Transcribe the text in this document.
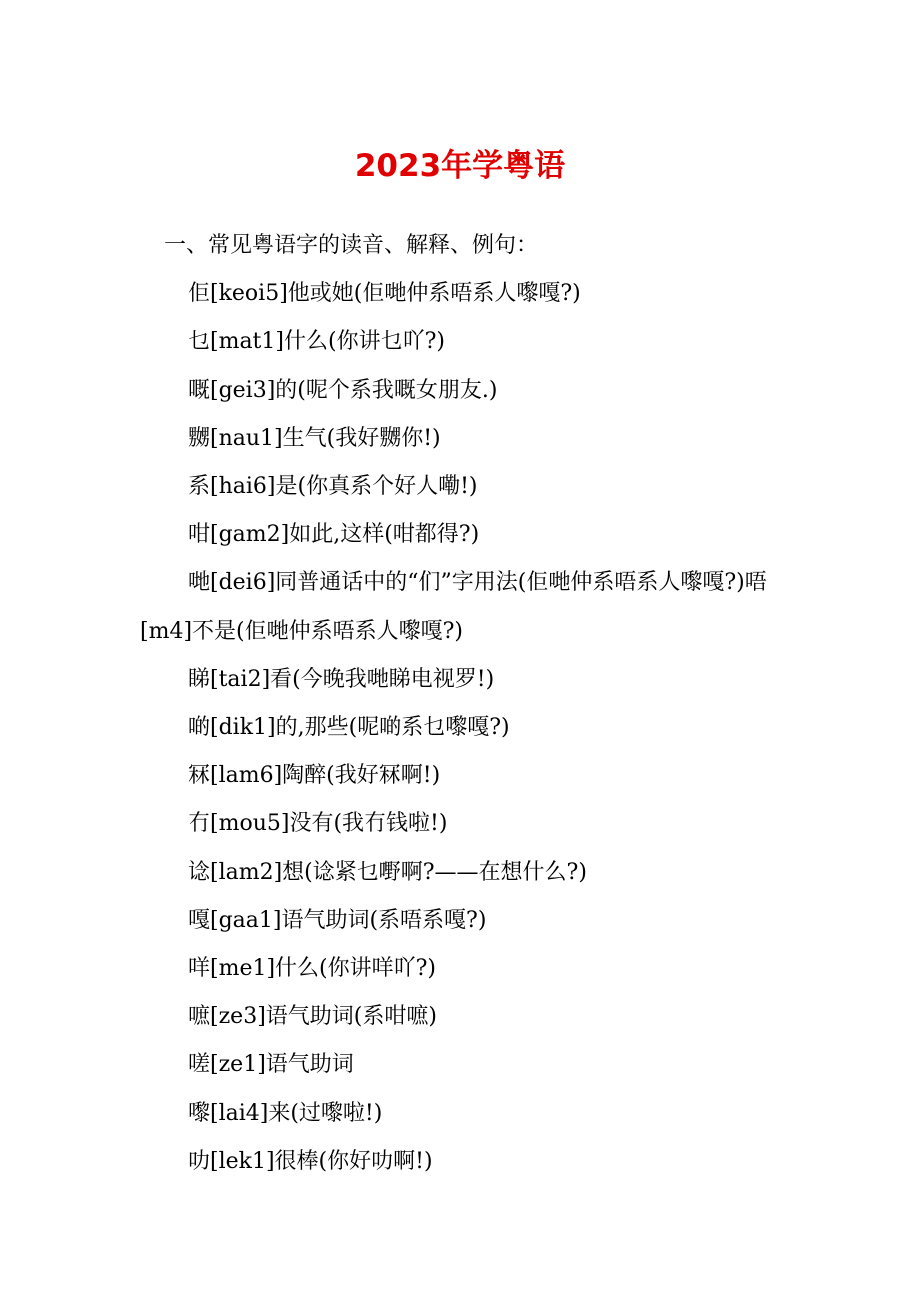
2023年学粤语

一、常见粤语字的读音、解释、例句：

佢[keoi5]他或她(佢哋仲系唔系人嚟嘎?)

乜[mat1]什么(你讲乜吖?)

嘅[gei3]的(呢个系我嘅女朋友.)

嬲[nau1]生气(我好嬲你!)

系[hai6]是(你真系个好人嘞!)

咁[gam2]如此,这样(咁都得?)

哋[dei6]同普通话中的“们”字用法(佢哋仲系唔系人嚟嘎?)唔[m4]不是(佢哋仲系唔系人嚟嘎?)

睇[tai2]看(今晚我哋睇电视罗!)

啲[dik1]的,那些(呢啲系乜嚟嘎?)

冧[lam6]陶醉(我好冧啊!)

冇[mou5]没有(我冇钱啦!)

谂[lam2]想(谂紧乜嘢啊?——在想什么?)

嘎[gaa1]语气助词(系唔系嘎?)

咩[me1]什么(你讲咩吖?)

嗻[ze3]语气助词(系咁嗻)

嗟[ze1]语气助词

嚟[lai4]来(过嚟啦!)

叻[lek1]很棒(你好叻啊!)
